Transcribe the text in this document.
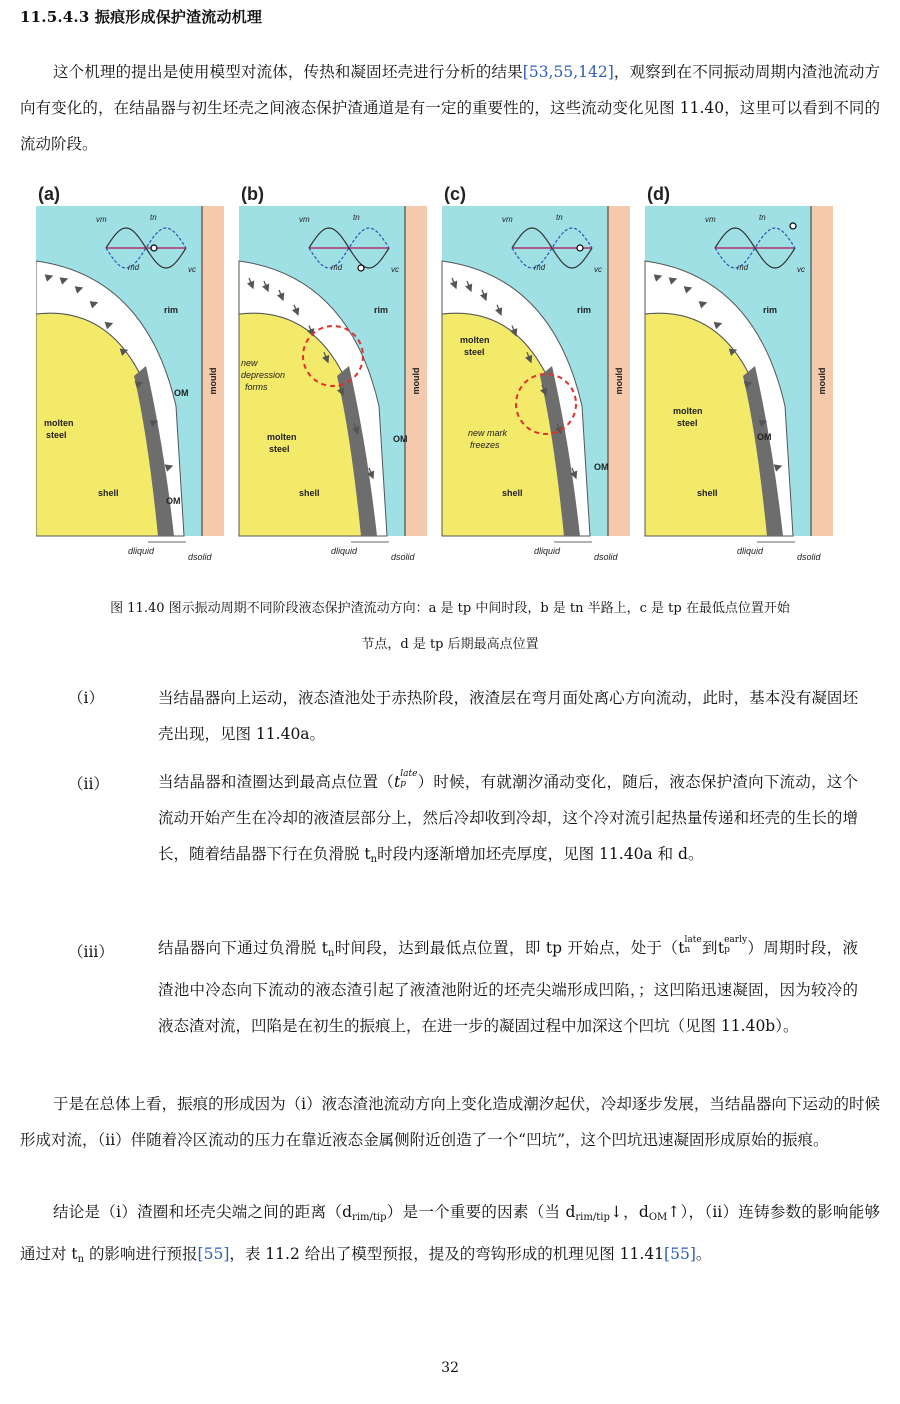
11.5.4.3 振痕形成保护渣流动机理
这个机理的提出是使用模型对流体，传热和凝固坯壳进行分析的结果[53,55,142]，观察到在不同振动周期内渣池流动方向有变化的，在结晶器与初生坯壳之间液态保护渣通道是有一定的重要性的，这些流动变化见图 11.40，这里可以看到不同的流动阶段。
vm	tn
md	vc
(a)
rim
OM
molten
steel
shell
OM
mould
dliquid
dsolid
vm	tn
md	vc
(b)
rim
new
depression
forms
molten
steel
OM
shell
mould
dliquid
dsolid
vm	tn
md	vc
(c)
rim
molten
steel
new mark
freezes
OM
shell
mould
dliquid
dsolid
vm	tn
md	vc
(d)
rim
molten
steel
OM
shell
mould
dliquid
dsolid
图 11.40 图示振动周期不同阶段液态保护渣流动方向：a 是 tp 中间时段，b 是 tn 半路上，c 是 tp 在最低点位置开始
节点，d 是 tp 后期最高点位置
（i）	当结晶器向上运动，液态渣池处于赤热阶段，液渣层在弯月面处离心方向流动，此时，基本没有凝固坯壳出现，见图 11.40a。
（ii）	当结晶器和渣圈达到最高点位置（t late
p ）时候，有就潮汐涌动变化，随后，液态保护渣向下流动，这个流动开始产生在冷却的液渣层部分上，然后冷却收到冷却，这个冷对流引起热量传递和坯壳的生长的增长，随着结晶器下行在负滑脱 $t_n$时段内逐渐增加坯壳厚度，见图 11.40a 和 d。
（iii）	结晶器向下通过负滑脱 $t_n$时间段，达到最低点位置，即 tp 开始点，处于（t late
n 到t early
p	）周期时段，液渣池中冷态向下流动的液态渣引起了液渣池附近的坯壳尖端形成凹陷，；这凹陷迅速凝固，因为较冷的液态渣对流，凹陷是在初生的振痕上，在进一步的凝固过程中加深这个凹坑（见图 11.40b）。
于是在总体上看，振痕的形成因为（i）液态渣池流动方向上变化造成潮汐起伏，冷却逐步发展，当结晶器向下运动的时候形成对流，（ii）伴随着冷区流动的压力在靠近液态金属侧附近创造了一个“凹坑”，这个凹坑迅速凝固形成原始的振痕。
结论是（i）渣圈和坯壳尖端之间的距离$(d_{rim/tip})$是一个重要的因素（当 $d_{rim/tip}↓$，$d_{OM}↑$），（ii）连铸参数的影响能够通过对 $t_n$ 的影响进行预报[55]，表 11.2 给出了模型预报，提及的弯钩形成的机理见图 11.41[55]。
32
